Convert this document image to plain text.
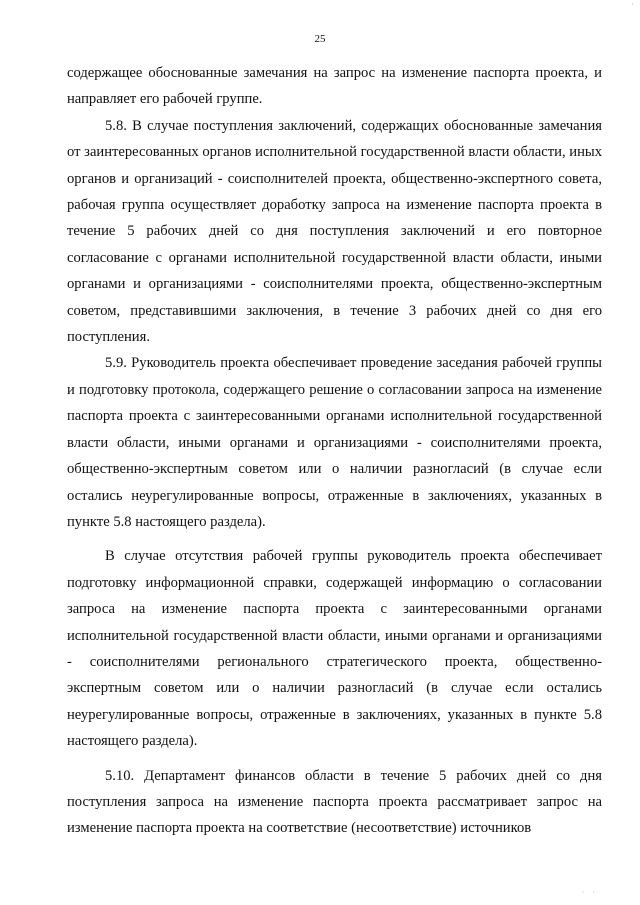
·
25

содержащее обоснованные замечания на запрос на изменение паспорта проекта, и направляет его рабочей группе.

5.8. В случае поступления заключений, содержащих обоснованные замечания от заинтересованных органов исполнительной государственной власти области, иных органов и организаций - соисполнителей проекта, общественно-экспертного совета, рабочая группа осуществляет доработку запроса на изменение паспорта проекта в течение 5 рабочих дней со дня поступления заключений и его повторное согласование с органами исполнительной государственной власти области, иными органами и организациями - соисполнителями проекта, общественно-экспертным советом, представившими заключения, в течение 3 рабочих дней со дня его поступления.

5.9. Руководитель проекта обеспечивает проведение заседания рабочей группы и подготовку протокола, содержащего решение о согласовании запроса на изменение паспорта проекта с заинтересованными органами исполнительной государственной власти области, иными органами и организациями - соисполнителями проекта, общественно-экспертным советом или о наличии разногласий (в случае если остались неурегулированные вопросы, отраженные в заключениях, указанных в пункте 5.8 настоящего раздела).

В случае отсутствия рабочей группы руководитель проекта обеспечивает подготовку информационной справки, содержащей информацию о согласовании запроса на изменение паспорта проекта с заинтересованными органами исполнительной государственной власти области, иными органами и организациями - соисполнителями регионального стратегического проекта, общественно-экспертным советом или о наличии разногласий (в случае если остались неурегулированные вопросы, отраженные в заключениях, указанных в пункте 5.8 настоящего раздела).

5.10. Департамент финансов области в течение 5 рабочих дней со дня поступления запроса на изменение паспорта проекта рассматривает запрос на изменение паспорта проекта на соответствие (несоответствие) источников

· ·
